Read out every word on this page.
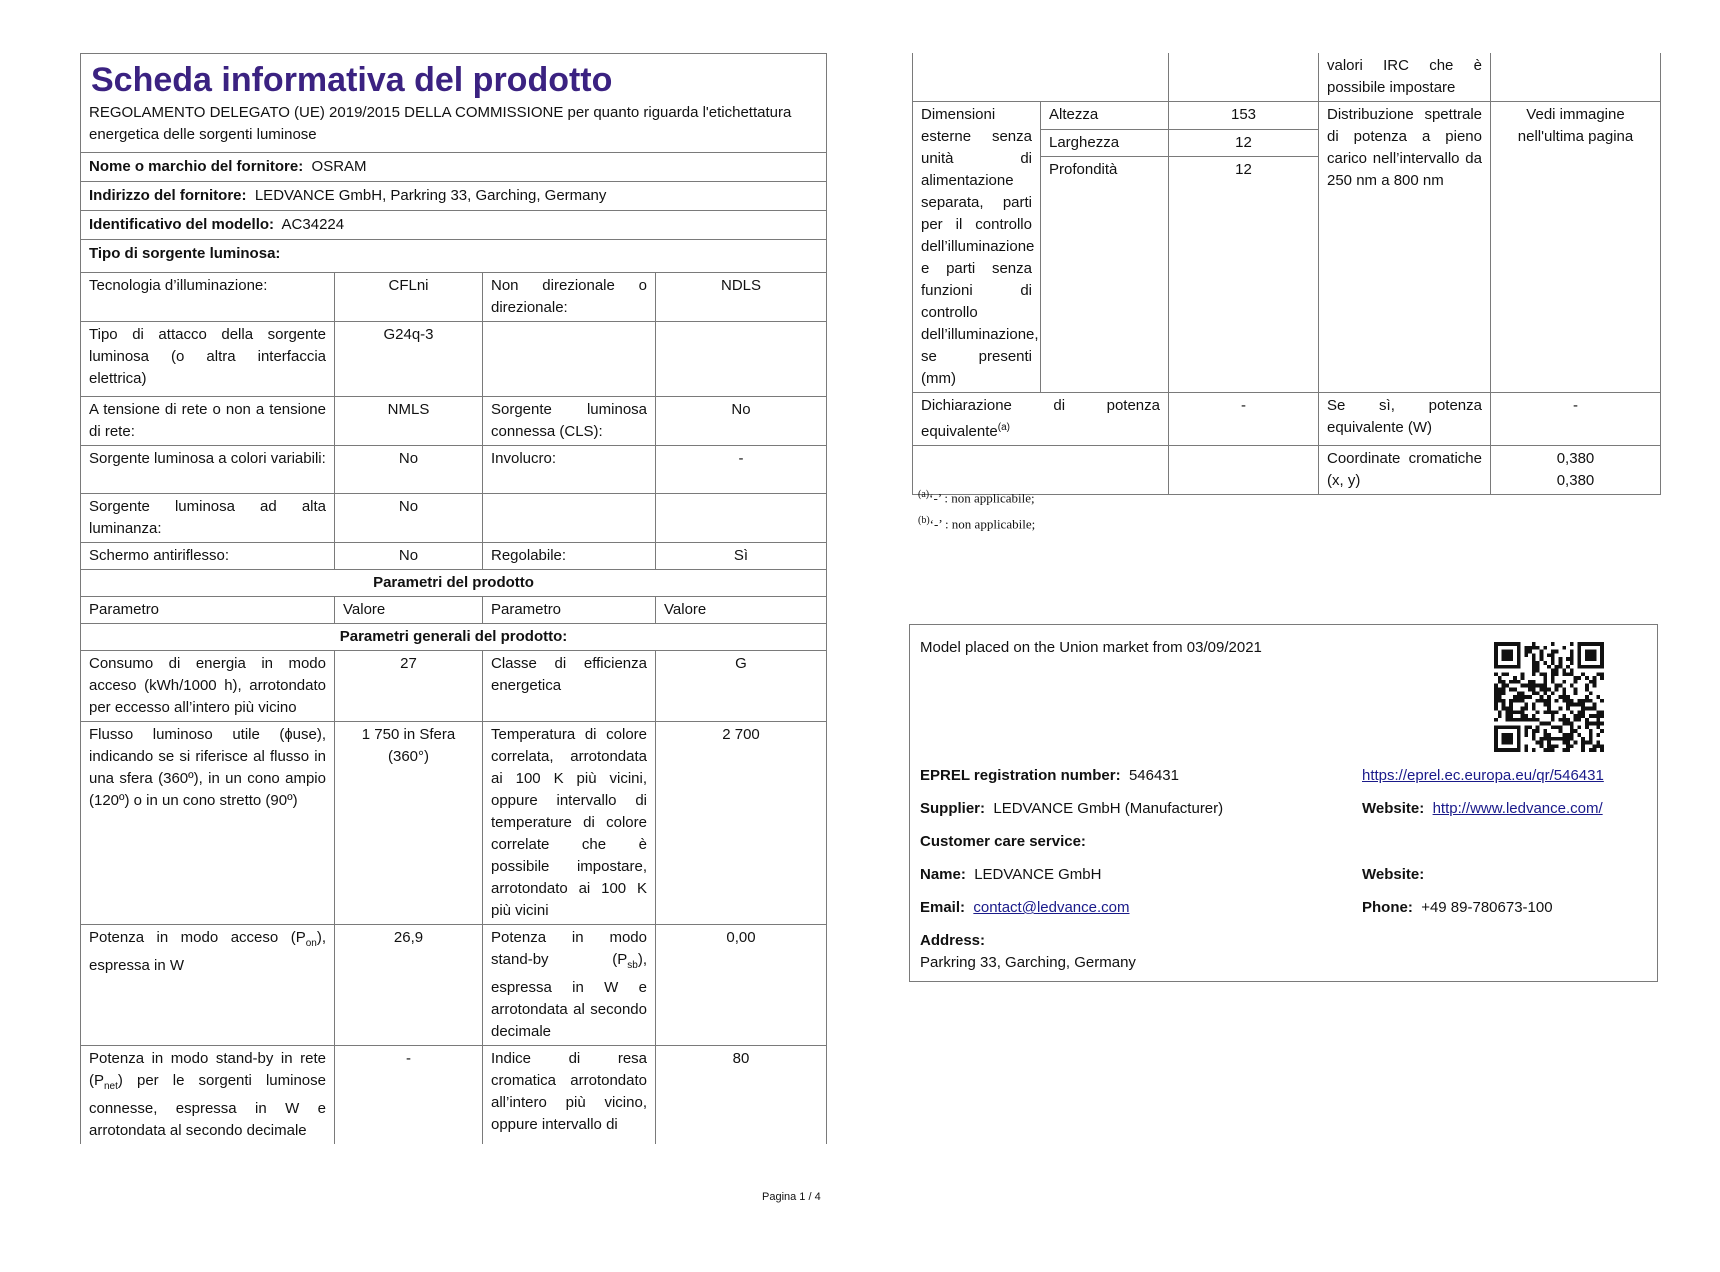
Scheda informativa del prodotto
REGOLAMENTO DELEGATO (UE) 2019/2015 DELLA COMMISSIONE per quanto riguarda l'etichettatura energetica delle sorgenti luminose			

Nome o marchio del fornitore: OSRAM			
Indirizzo del fornitore: LEDVANCE GmbH, Parkring 33, Garching, Germany			
Identificativo del modello: AC34224			
Tipo di sorgente luminosa:			
Tecnologia d’illuminazione:	CFLni	Non direzionale o direzionale:	NDLS
Tipo di attacco della sorgente luminosa (o altra interfaccia elettrica)	G24q-3		
A tensione di rete o non a tensione di rete:	NMLS	Sorgente luminosa connessa (CLS):	No
Sorgente luminosa a colori variabili:	No	Involucro:	-
Sorgente luminosa ad alta luminanza:	No		
Schermo antiriflesso:	No	Regolabile:	Sì
Parametri del prodotto			
Parametro	Valore	Parametro	Valore
Parametri generali del prodotto:			
Consumo di energia in modo acceso (kWh/1000 h), arrotondato per eccesso all’intero più vicino	27	Classe di efficienza energetica	G
Flusso luminoso utile (ɸuse), indicando se si riferisce al flusso in una sfera (360º), in un cono ampio (120º) o in un cono stretto (90º)	1 750 in Sfera (360°)	Temperatura di colore correlata, arrotondata ai 100 K più vicini, oppure intervallo di temperature di colore correlate che è possibile impostare, arrotondato ai 100 K più vicini	2 700
Potenza in modo acceso $(P_{on})$, espressa in W	26,9	Potenza in modo stand-by $(P_{sb})$, espressa in W e arrotondata al secondo decimale	0,00
Potenza in modo stand-by in rete $(P_{net})$ per le sorgenti luminose connesse, espressa in W e arrotondata al secondo decimale	-	Indice di resa cromatica arrotondato all’intero più vicino, oppure intervallo di	80
			valori IRC che è possibile impostare	
Dimensioni esterne senza unità di alimentazione separata, parti per il controllo dell’illuminazione e parti senza funzioni di controllo dell’illuminazione, se presenti (mm)	Altezza	153	Distribuzione spettrale di potenza a pieno carico nell’intervallo da 250 nm a 800 nm	Vedi immagine nell'ultima pagina
	Larghezza	12		
	Profondità	12		
Dichiarazione di potenza equivalente$^{(a)}$		-	Se sì, potenza equivalente (W)	-
			Coordinate cromatiche (x, y)	0,380
0,380
$^{(a)}$‘-’ : non applicabile;
$^{(b)}$‘-’ : non applicabile;
Model placed on the Union market from 03/09/2021
EPREL registration number: 546431	https://eprel.ec.europa.eu/qr/546431
Supplier: LEDVANCE GmbH (Manufacturer)	Website: http://www.ledvance.com/
Customer care service:
Name: LEDVANCE GmbH	Website:
Email: contact@ledvance.com	Phone: +49 89-780673-100
Address:
Parkring 33, Garching, Germany
Pagina 1 / 4
